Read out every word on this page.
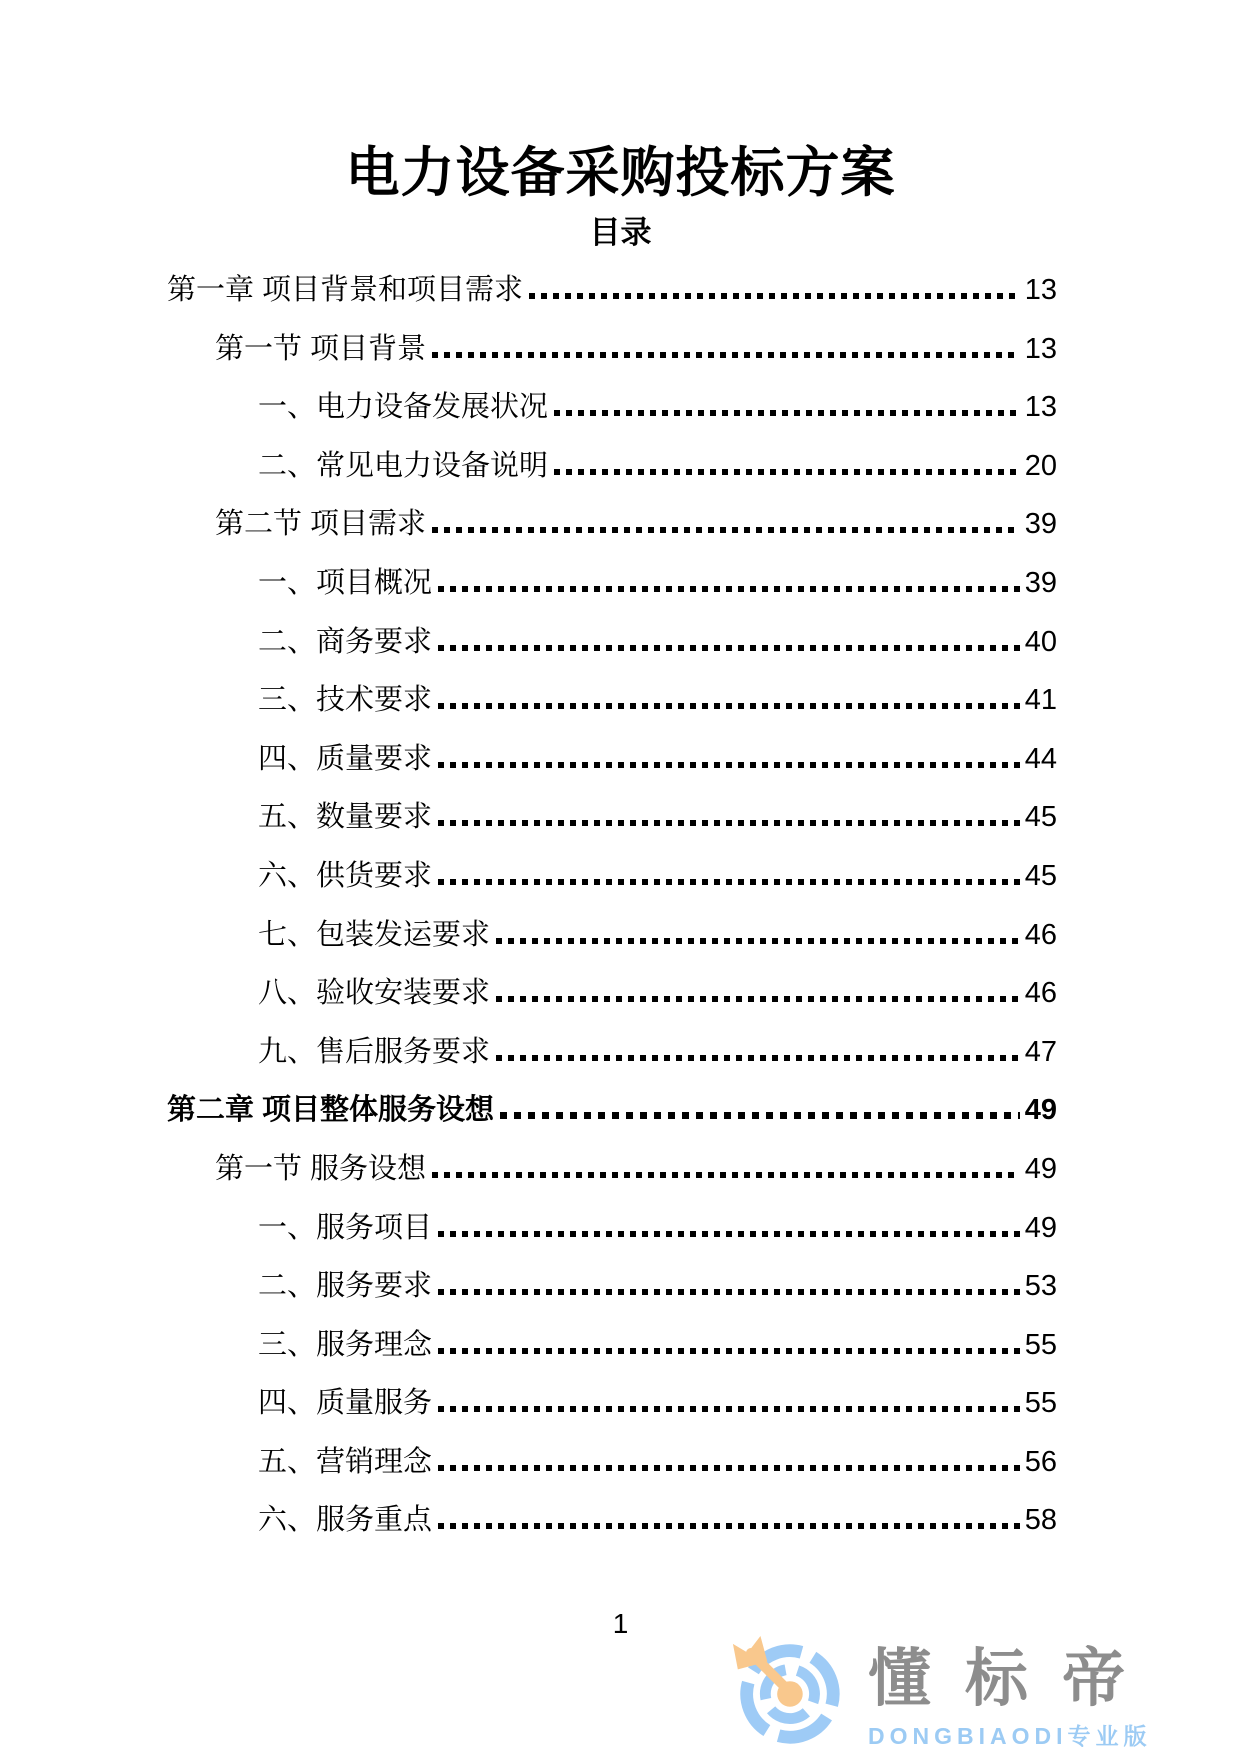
电力设备采购投标方案
目录
第一章 项目背景和项目需求	13
第一节 项目背景	13
一、电力设备发展状况	13
二、常见电力设备说明	20
第二节 项目需求	39
一、项目概况	39
二、商务要求	40
三、技术要求	41
四、质量要求	44
五、数量要求	45
六、供货要求	45
七、包装发运要求	46
八、验收安装要求	46
九、售后服务要求	47
第二章 项目整体服务设想	49
第一节 服务设想	49
一、服务项目	49
二、服务要求	53
三、服务理念	55
四、质量服务	55
五、营销理念	56
六、服务重点	58
1
懂标帝
DONGBIAODI专业版
